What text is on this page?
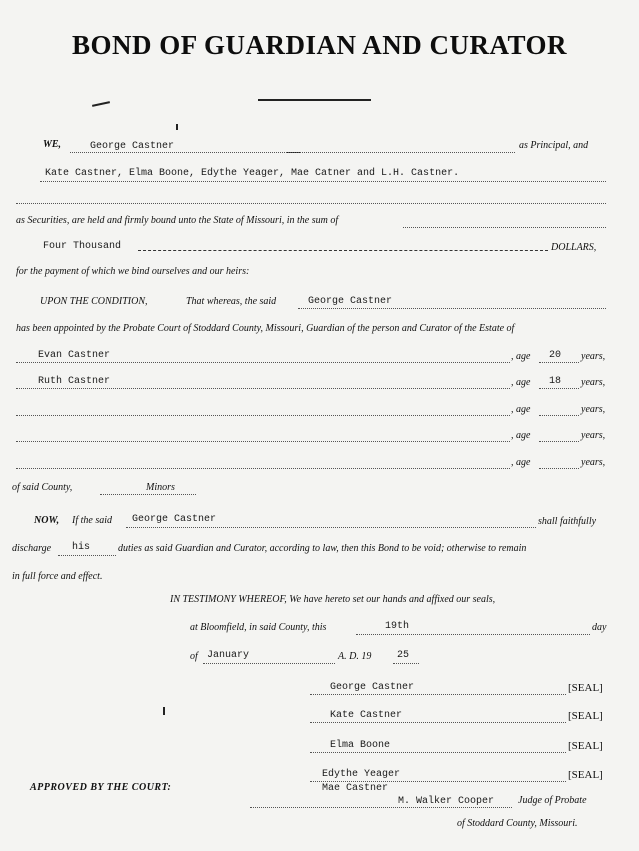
BOND OF GUARDIAN AND CURATOR
WE,	George Castner	as Principal, and
Kate Castner, Elma Boone, Edythe Yeager, Mae Catner and L.H. Castner.
as Securities, are held and firmly bound unto the State of Missouri, in the sum of
Four Thousand	DOLLARS,
for the payment of which we bind ourselves and our heirs:
UPON THE CONDITION,	That whereas, the said	George Castner
has been appointed by the Probate Court of Stoddard County, Missouri, Guardian of the person and Curator of the Estate of
Evan Castner	, age 20 years,
Ruth Castner	, age 18 years,
, age	years,
, age	years,
, age	years,
of said County,	Minors
NOW, If the said George Castner	shall faithfully
discharge his	duties as said Guardian and Curator, according to law, then this Bond to be void; otherwise to remain
in full force and effect.
IN TESTIMONY WHEREOF, We have hereto set our hands and affixed our seals,
at Bloomfield, in said County, this	19th	day
of January	A. D. 19	25
George Castner	[SEAL]
Kate Castner	[SEAL]
Elma Boone	[SEAL]
Edythe Yeager	[SEAL]
Mae Castner
APPROVED BY THE COURT:
M. Walker Cooper Judge of Probate
of Stoddard County, Missouri.
